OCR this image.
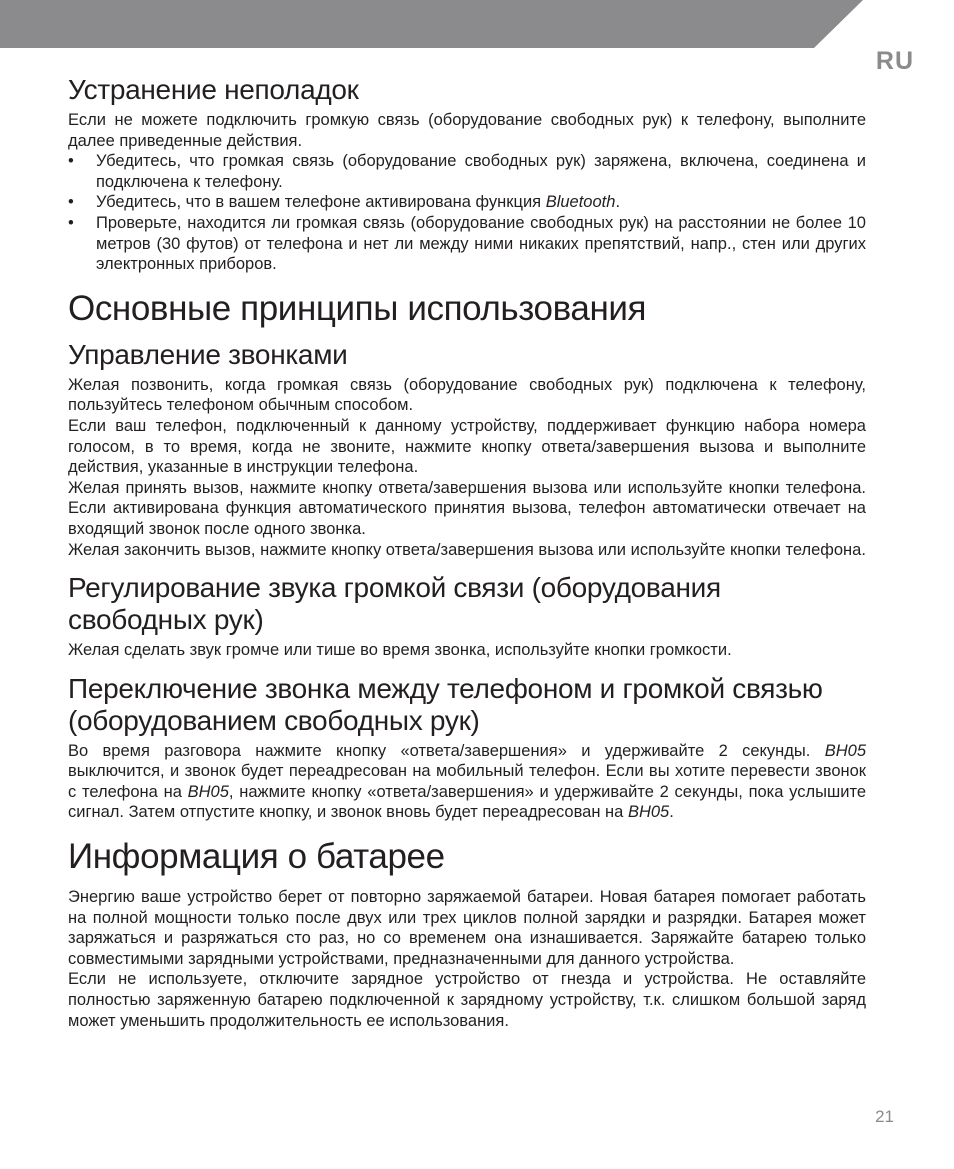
RU
Устранение неполадок

Если не можете подключить громкую связь (оборудование свободных рук) к телефону, выполните далее приведенные действия.

• Убедитесь, что громкая связь (оборудование свободных рук) заряжена, включена, соединена и подключена к телефону.
• Убедитесь, что в вашем телефоне активирована функция Bluetooth.
• Проверьте, находится ли громкая связь (оборудование свободных рук) на расстоянии не более 10 метров (30 футов) от телефона и нет ли между ними никаких препятствий, напр., стен или других электронных приборов.
Основные принципы использования
Управление звонками

Желая позвонить, когда громкая связь (оборудование свободных рук) подключена к телефону, пользуйтесь телефоном обычным способом.

Если ваш телефон, подключенный к данному устройству, поддерживает функцию набора номера голосом, в то время, когда не звоните, нажмите кнопку ответа/завершения вызова и выполните действия, указанные в инструкции телефона.

Желая принять вызов, нажмите кнопку ответа/завершения вызова или используйте кнопки телефона. Если активирована функция автоматического принятия вызова, телефон автоматически отвечает на входящий звонок после одного звонка.

Желая закончить вызов, нажмите кнопку ответа/завершения вызова или используйте кнопки телефона.

Регулирование звука громкой связи (оборудования свободных рук)

Желая сделать звук громче или тише во время звонка, используйте кнопки громкости.

Переключение звонка между телефоном и громкой связью (оборудованием свободных рук)

Во время разговора нажмите кнопку «ответа/завершения» и удерживайте 2 секунды. BH05 выключится, и звонок будет переадресован на мобильный телефон. Если вы хотите перевести звонок с телефона на BH05, нажмите кнопку «ответа/завершения» и удерживайте 2 секунды, пока услышите сигнал. Затем отпустите кнопку, и звонок вновь будет переадресован на BH05.

Информация о батарее

Энергию ваше устройство берет от повторно заряжаемой батареи. Новая батарея помогает работать на полной мощности только после двух или трех циклов полной зарядки и разрядки. Батарея может заряжаться и разряжаться сто раз, но со временем она изнашивается. Заряжайте батарею только совместимыми зарядными устройствами, предназначенными для данного устройства.

Если не используете, отключите зарядное устройство от гнезда и устройства. Не оставляйте полностью заряженную батарею подключенной к зарядному устройству, т.к. слишком большой заряд может уменьшить продолжительность ее использования.

21
